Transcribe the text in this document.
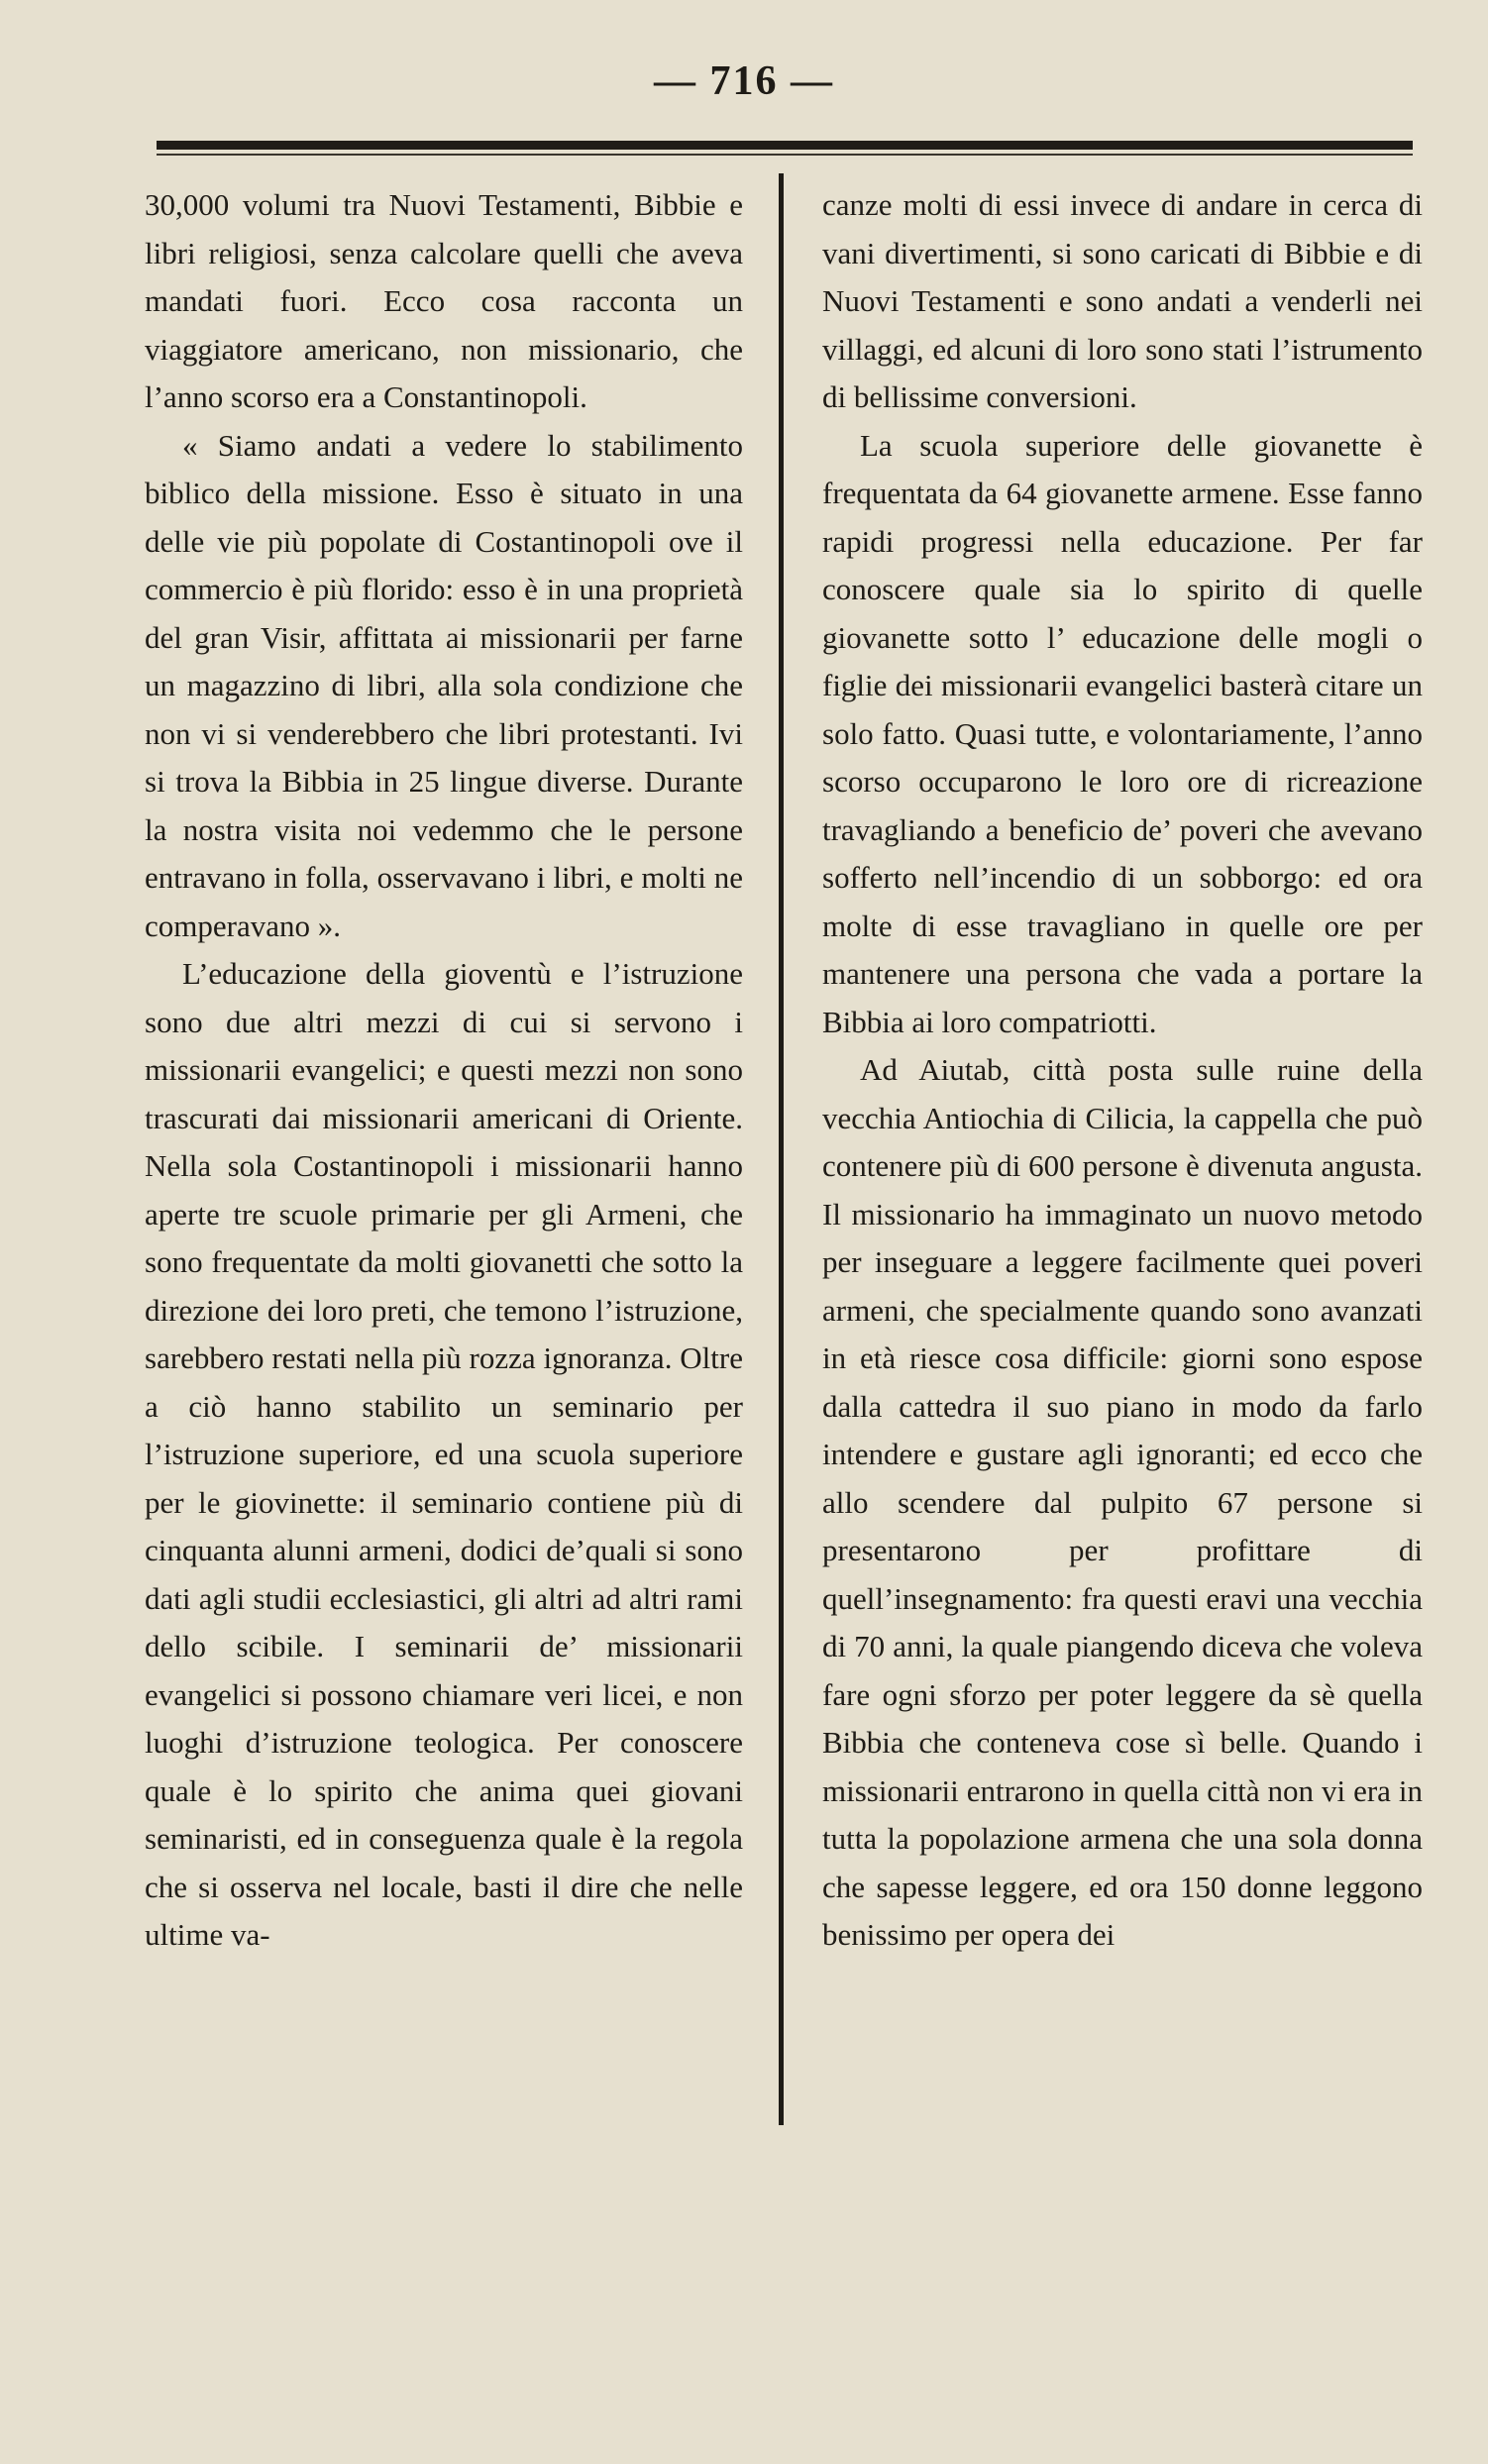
— 716 —

30,000 volumi tra Nuovi Testamenti, Bibbie e libri religiosi, senza calcolare quelli che aveva mandati fuori. Ecco cosa racconta un viaggiatore americano, non missionario, che l’anno scorso era a Constantinopoli.

« Siamo andati a vedere lo stabilimento biblico della missione. Esso è situato in una delle vie più popolate di Costantinopoli ove il commercio è più florido: esso è in una proprietà del gran Visir, affittata ai missionarii per farne un magazzino di libri, alla sola condizione che non vi si venderebbero che libri protestanti. Ivi si trova la Bibbia in 25 lingue diverse. Durante la nostra visita noi vedemmo che le persone entravano in folla, osservavano i libri, e molti ne comperavano ».

L’educazione della gioventù e l’istruzione sono due altri mezzi di cui si servono i missionarii evangelici; e questi mezzi non sono trascurati dai missionarii americani di Oriente. Nella sola Costantinopoli i missionarii hanno aperte tre scuole primarie per gli Armeni, che sono frequentate da molti giovanetti che sotto la direzione dei loro preti, che temono l’istruzione, sarebbero restati nella più rozza ignoranza. Oltre a ciò hanno stabilito un seminario per l’istruzione superiore, ed una scuola superiore per le giovinette: il seminario contiene più di cinquanta alunni armeni, dodici de’quali si sono dati agli studii ecclesiastici, gli altri ad altri rami dello scibile. I seminarii de’ missionarii evangelici si possono chiamare veri licei, e non luoghi d’istruzione teologica. Per conoscere quale è lo spirito che anima quei giovani seminaristi, ed in conseguenza quale è la regola che si osserva nel locale, basti il dire che nelle ultime va-

canze molti di essi invece di andare in cerca di vani divertimenti, si sono caricati di Bibbie e di Nuovi Testamenti e sono andati a venderli nei villaggi, ed alcuni di loro sono stati l’istrumento di bellissime conversioni.

La scuola superiore delle giovanette è frequentata da 64 giovanette armene. Esse fanno rapidi progressi nella educazione. Per far conoscere quale sia lo spirito di quelle giovanette sotto l’ educazione delle mogli o figlie dei missionarii evangelici basterà citare un solo fatto. Quasi tutte, e volontariamente, l’anno scorso occuparono le loro ore di ricreazione travagliando a beneficio de’ poveri che avevano sofferto nell’incendio di un sobborgo: ed ora molte di esse travagliano in quelle ore per mantenere una persona che vada a portare la Bibbia ai loro compatriotti.

Ad Aiutab, città posta sulle ruine della vecchia Antiochia di Cilicia, la cappella che può contenere più di 600 persone è divenuta angusta. Il missionario ha immaginato un nuovo metodo per inseguare a leggere facilmente quei poveri armeni, che specialmente quando sono avanzati in età riesce cosa difficile: giorni sono espose dalla cattedra il suo piano in modo da farlo intendere e gustare agli ignoranti; ed ecco che allo scendere dal pulpito 67 persone si presentarono per profittare di quell’insegnamento: fra questi eravi una vecchia di 70 anni, la quale piangendo diceva che voleva fare ogni sforzo per poter leggere da sè quella Bibbia che conteneva cose sì belle. Quando i missionarii entrarono in quella città non vi era in tutta la popolazione armena che una sola donna che sapesse leggere, ed ora 150 donne leggono benissimo per opera dei
